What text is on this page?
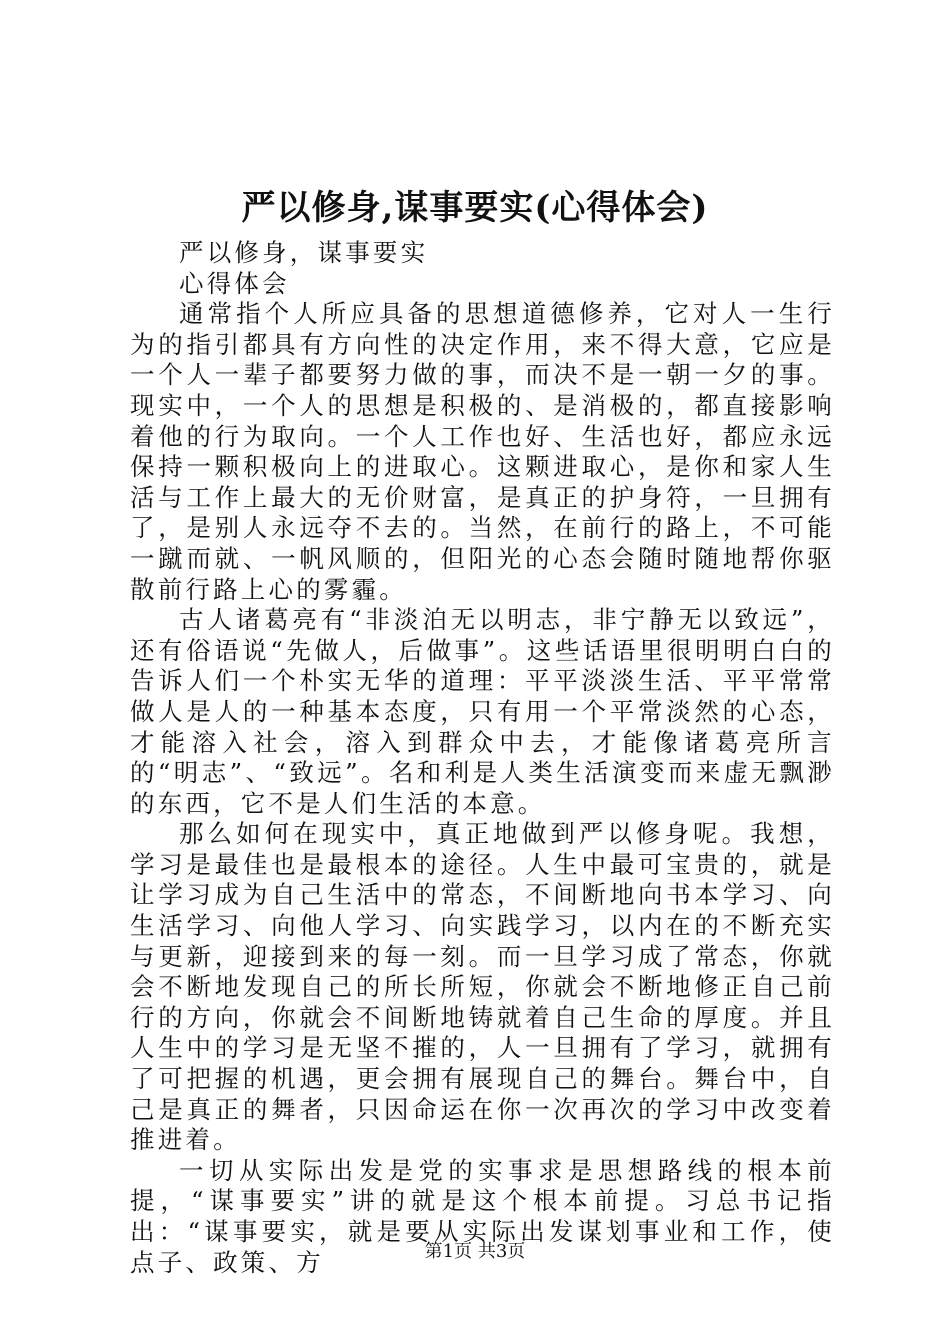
严以修身,谋事要实(心得体会)

严以修身，谋事要实

心得体会

通常指个人所应具备的思想道德修养，它对人一生行为的指引都具有方向性的决定作用，来不得大意，它应是一个人一辈子都要努力做的事，而决不是一朝一夕的事。现实中，一个人的思想是积极的、是消极的，都直接影响着他的行为取向。一个人工作也好、生活也好，都应永远保持一颗积极向上的进取心。这颗进取心，是你和家人生活与工作上最大的无价财富，是真正的护身符，一旦拥有了，是别人永远夺不去的。当然，在前行的路上，不可能一蹴而就、一帆风顺的，但阳光的心态会随时随地帮你驱散前行路上心的雾霾。

古人诸葛亮有“非淡泊无以明志，非宁静无以致远”，还有俗语说“先做人，后做事”。这些话语里很明明白白的告诉人们一个朴实无华的道理：平平淡淡生活、平平常常做人是人的一种基本态度，只有用一个平常淡然的心态，才能溶入社会，溶入到群众中去，才能像诸葛亮所言的“明志”、“致远”。名和利是人类生活演变而来虚无飘渺的东西，它不是人们生活的本意。

那么如何在现实中，真正地做到严以修身呢。我想，学习是最佳也是最根本的途径。人生中最可宝贵的，就是让学习成为自己生活中的常态，不间断地向书本学习、向生活学习、向他人学习、向实践学习，以内在的不断充实与更新，迎接到来的每一刻。而一旦学习成了常态，你就会不断地发现自己的所长所短，你就会不断地修正自己前行的方向，你就会不间断地铸就着自己生命的厚度。并且人生中的学习是无坚不摧的，人一旦拥有了学习，就拥有了可把握的机遇，更会拥有展现自己的舞台。舞台中，自己是真正的舞者，只因命运在你一次再次的学习中改变着推进着。

一切从实际出发是党的实事求是思想路线的根本前提，“谋事要实”讲的就是这个根本前提。习总书记指出：“谋事要实，就是要从实际出发谋划事业和工作，使点子、政策、方	第1页 共3页
